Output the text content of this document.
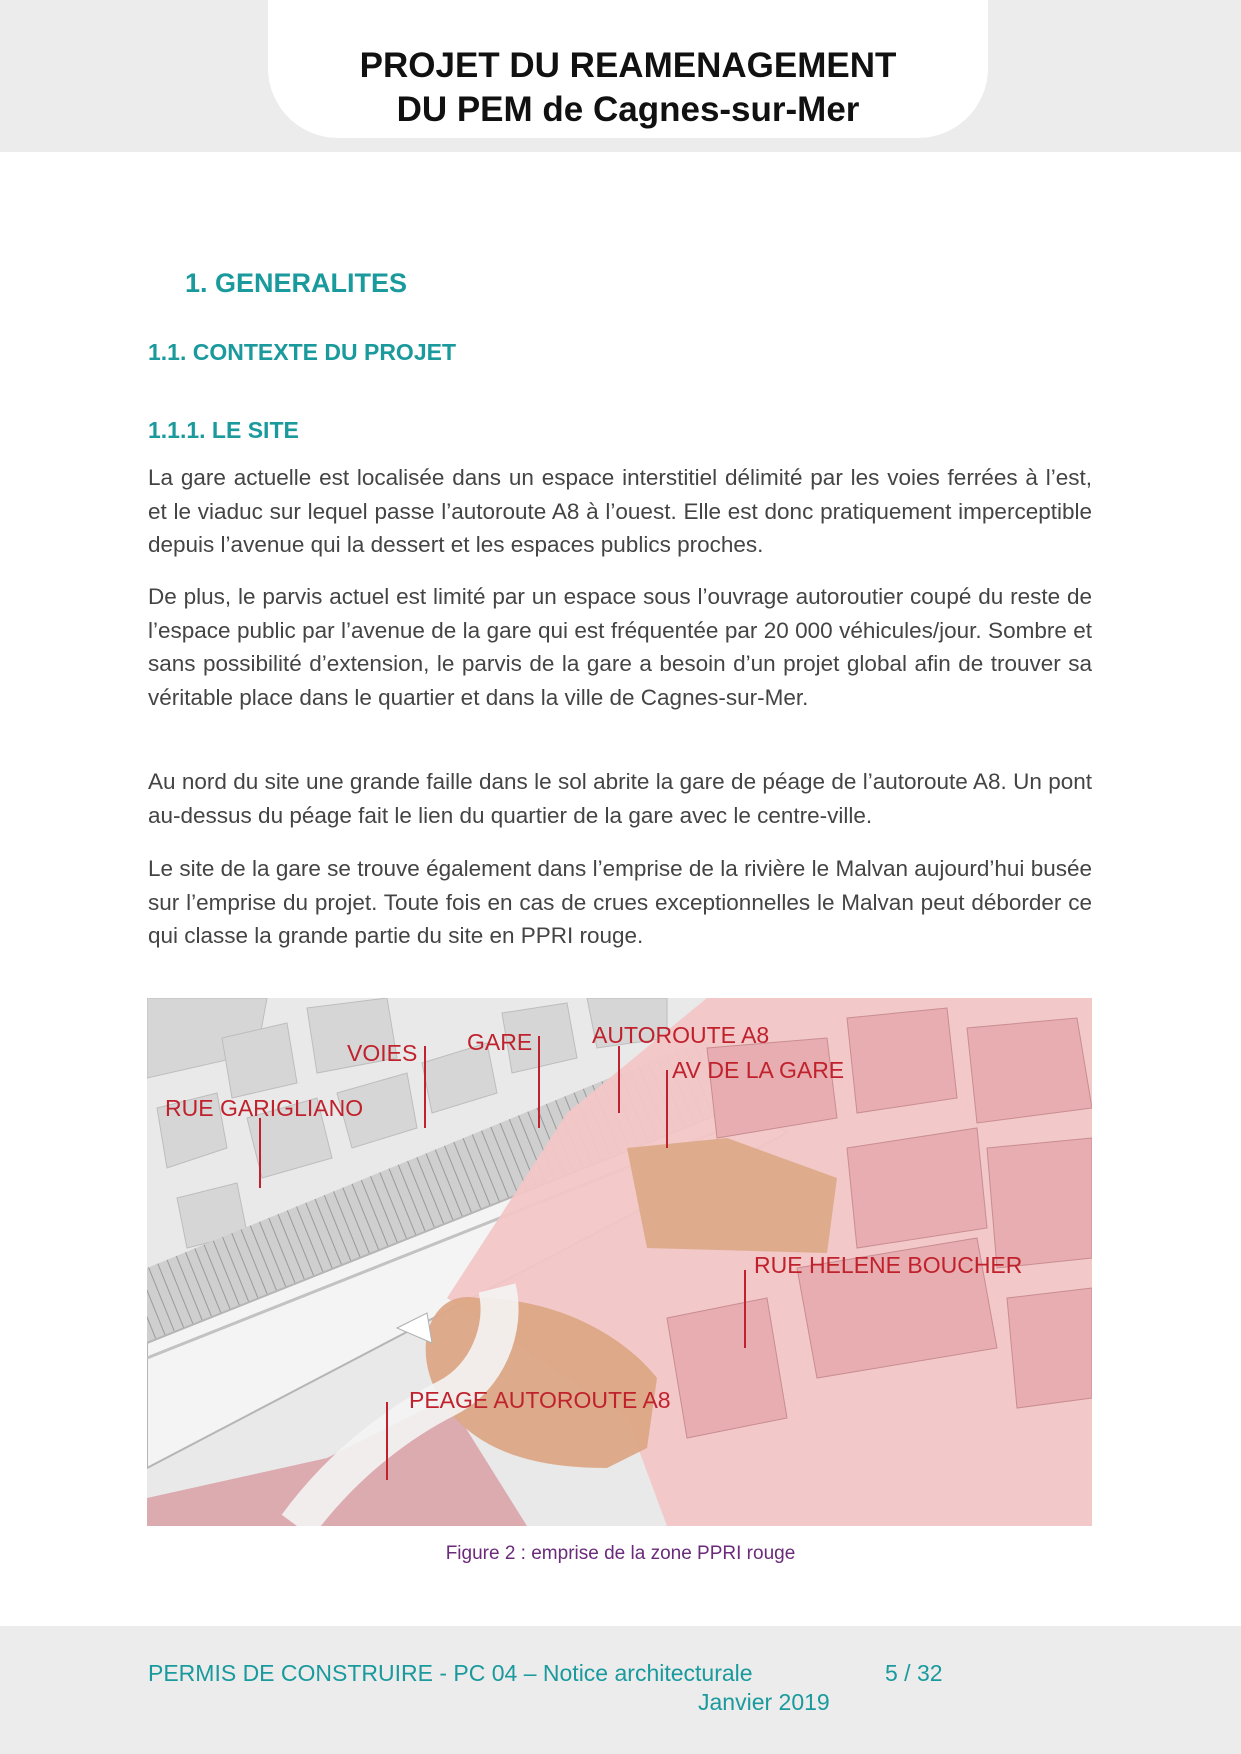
PROJET DU REAMENAGEMENT
DU PEM de Cagnes-sur-Mer
1. GENERALITES
1.1. CONTEXTE DU PROJET
1.1.1. LE SITE

La gare actuelle est localisée dans un espace interstitiel délimité par les voies ferrées à l’est, et le viaduc sur lequel passe l’autoroute A8 à l’ouest. Elle est donc pratiquement imperceptible depuis l’avenue qui la dessert et les espaces publics proches.

De plus, le parvis actuel est limité par un espace sous l’ouvrage autoroutier coupé du reste de l’espace public par l’avenue de la gare qui est fréquentée par 20 000 véhicules/jour. Sombre et sans possibilité d’extension, le parvis de la gare a besoin d’un projet global afin de trouver sa véritable place dans le quartier et dans la ville de Cagnes-sur-Mer.

Au nord du site une grande faille dans le sol abrite la gare de péage de l’autoroute A8. Un pont au-dessus du péage fait le lien du quartier de la gare avec le centre-ville.

Le site de la gare se trouve également dans l’emprise de la rivière le Malvan aujourd’hui busée sur l’emprise du projet. Toute fois en cas de crues exceptionnelles le Malvan peut déborder ce qui classe la grande partie du site en PPRI rouge.

VOIES GARE	AUTOROUTE A8
AV DE LA GARE
RUE GARIGLIANO
RUE HELENE BOUCHER
PEAGE AUTOROUTE A8
Figure 2 : emprise de la zone PPRI rouge
PERMIS DE CONSTRUIRE - PC 04 – Notice architecturale	5 / 32
Janvier 2019
